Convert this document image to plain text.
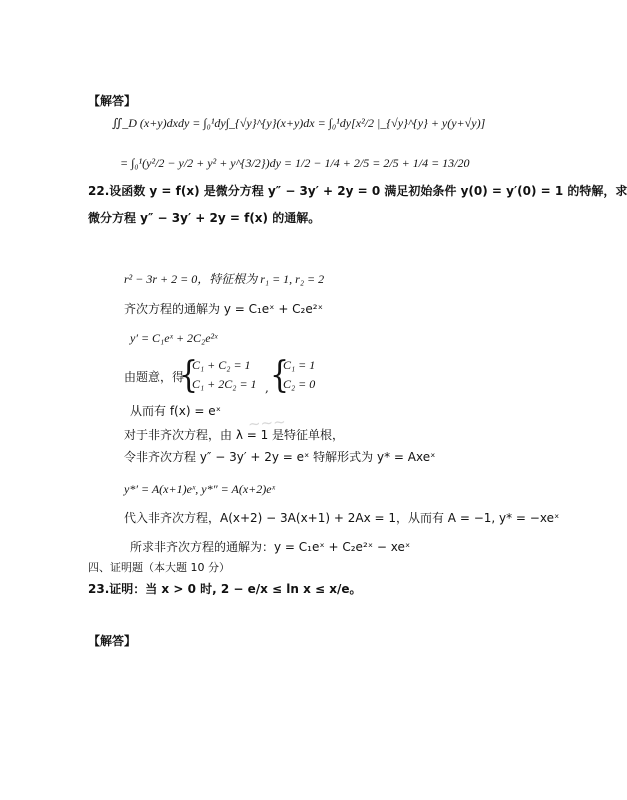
【解答】
∬_D (x+y)dxdy = ∫₀¹dy∫_{√y}^{y}(x+y)dx = ∫₀¹dy[x²/2 |_{√y}^{y} + y(y+√y)]
= ∫₀¹(y²/2 − y/2 + y² + y^{3/2})dy = 1/2 − 1/4 + 2/5 = 2/5 + 1/4 = 13/20
22.设函数 y = f(x) 是微分方程 y″ − 3y′ + 2y = 0 满足初始条件 y(0) = y′(0) = 1 的特解，求
微分方程 y″ − 3y′ + 2y = f(x) 的通解。
r² − 3r + 2 = 0，特征根为 r₁ = 1, r₂ = 2
齐次方程的通解为 y = C₁eˣ + C₂e²ˣ
y′ = C₁eˣ + 2C₂e²ˣ
由题意，得
{
C₁ + C₂ = 1
C₁ + 2C₂ = 1 , {
C₁ = 1
C₂ = 0
从而有 f(x) = eˣ
对于非齐次方程，由 λ = 1 是特征单根，
令非齐次方程 y″ − 3y′ + 2y = eˣ 特解形式为 y* = Axeˣ
~~~
y*′ = A(x+1)eˣ, y*″ = A(x+2)eˣ
代入非齐次方程，A(x+2) − 3A(x+1) + 2Ax = 1，从而有 A = −1, y* = −xeˣ
所求非齐次方程的通解为：y = C₁eˣ + C₂e²ˣ − xeˣ
四、证明题（本大题 10 分）
23.证明：当 x > 0 时, 2 − e/x ≤ ln x ≤ x/e。
【解答】
